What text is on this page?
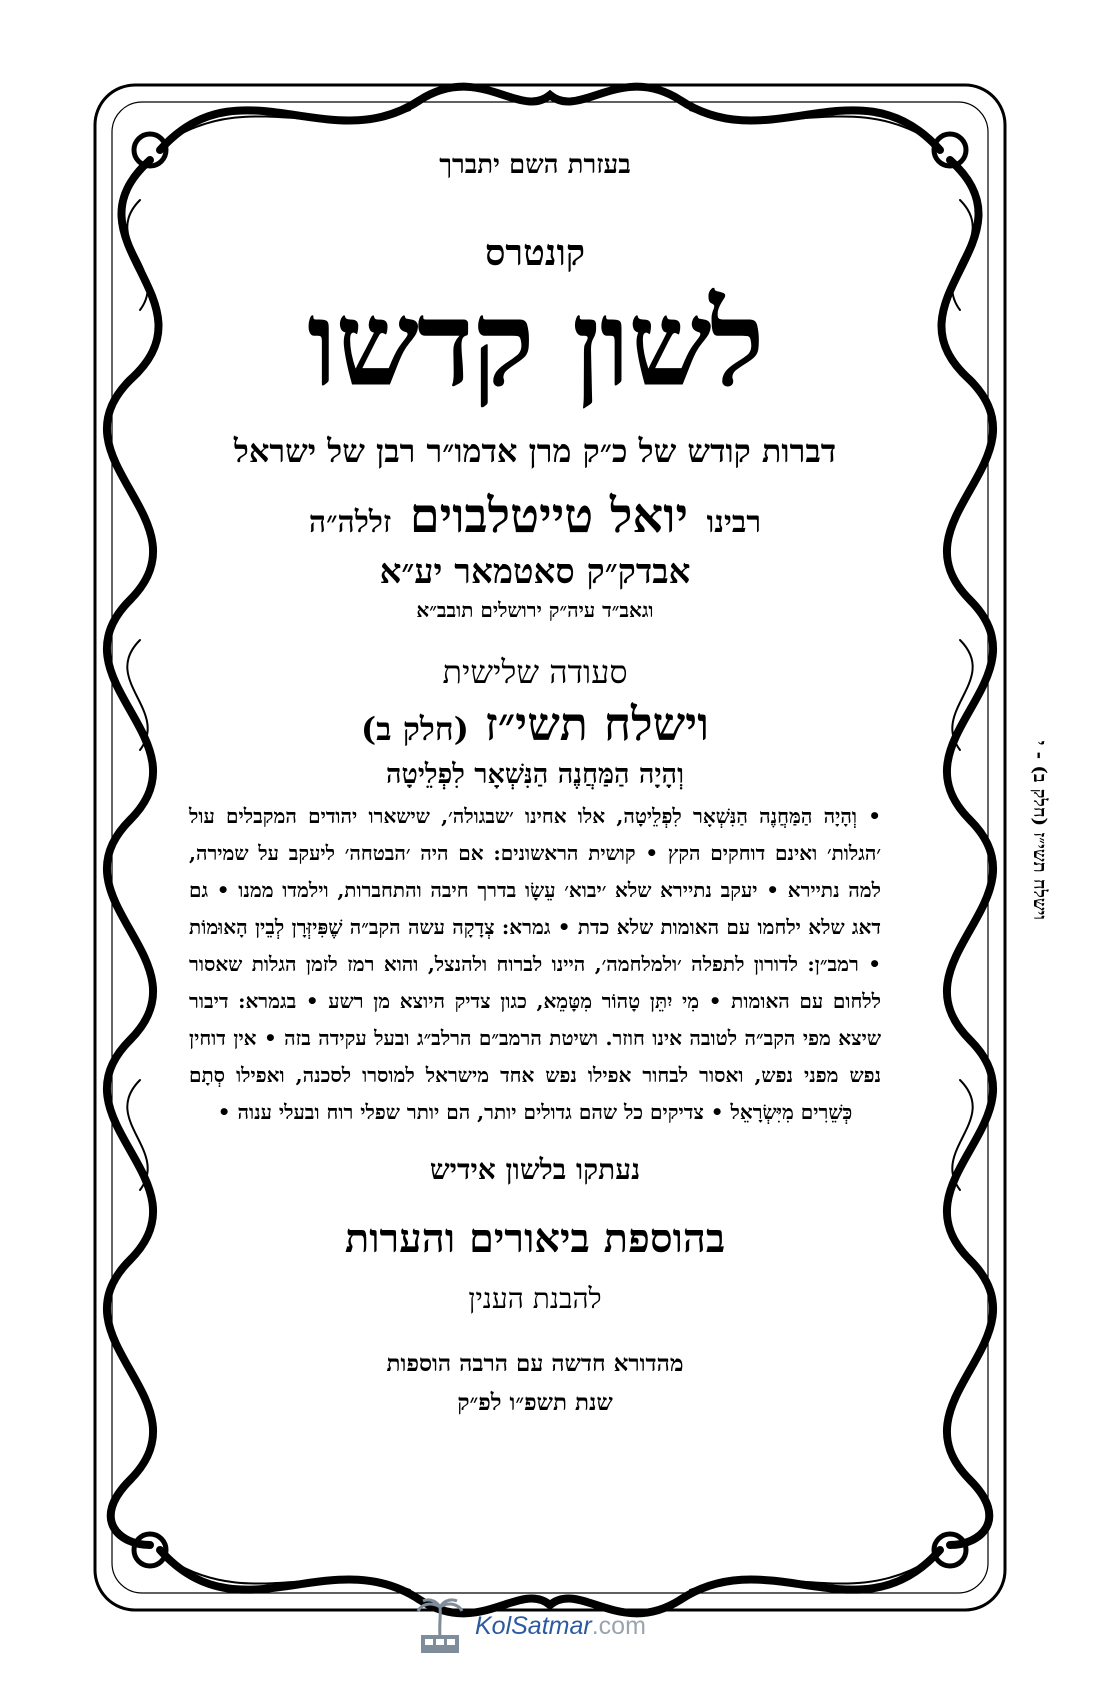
בעזרת השם יתברך
קונטרס
לשון קדשו
דברות קודש של כ״ק מרן אדמו״ר רבן של ישראל
רבינו יואל טייטלבוים זללה״ה
אבדק״ק סאטמאר יע״א
וגאב״ד עיה״ק ירושלים תובב״א
סעודה שלישית
וישלח תשי״ז (חלק ב)
וְהָיָה הַמַּחֲנֶה הַנִּשְׁאָר לִפְלֵיטָה
• וְהָיָה הַמַּחֲנֶה הַנִּשְׁאָר לִפְלֵיטָה, אלו אחינו ׳שבגולה׳, שישארו יהודים המקבלים עול ׳הגלות׳ ואינם דוחקים הקץ • קושית הראשונים: אם היה ׳הבטחה׳ ליעקב על שמירה, למה נתיירא • יעקב נתיירא שלא ׳יבוא׳ עֵשָׂו בדרך חיבה והתחברות, וילמדו ממנו • גם דאג שלא ילחמו עם האומות שלא כדת • גמרא: צְדָקָה עשה הקב״ה שֶׁפִּיזְּרָן לְבֵין הָאוּמוֹת • רמב״ן: לדורון לתפלה ׳ולמלחמה׳, היינו לברוח ולהנצל, והוא רמז לזמן הגלות שאסור ללחום עם האומות • מִי יִתֵּן טָהוֹר מִטָּמֵא, כגון צדיק היוצא מן רשע • בגמרא: דיבור שיצא מפי הקב״ה לטובה אינו חוזר. ושיטת הרמב״ם הרלב״ג ובעל עקידה בזה • אין דוחין נפש מפני נפש, ואסור לבחור אפילו נפש אחד מישראל למוסרו לסכנה, ואפילו סְתָם כְּשֵׁרִים מִיִּשְׂרָאֵל • צדיקים כל שהם גדולים יותר, הם יותר שפלי רוח ובעלי ענוה •
נעתקו בלשון אידיש
בהוספת ביאורים והערות
להבנת הענין
מהדורא חדשה עם הרבה הוספות
שנת תשפ״ו לפ״ק
וישלח תשי״ז (חלק ב) - י
KolSatmar.com
